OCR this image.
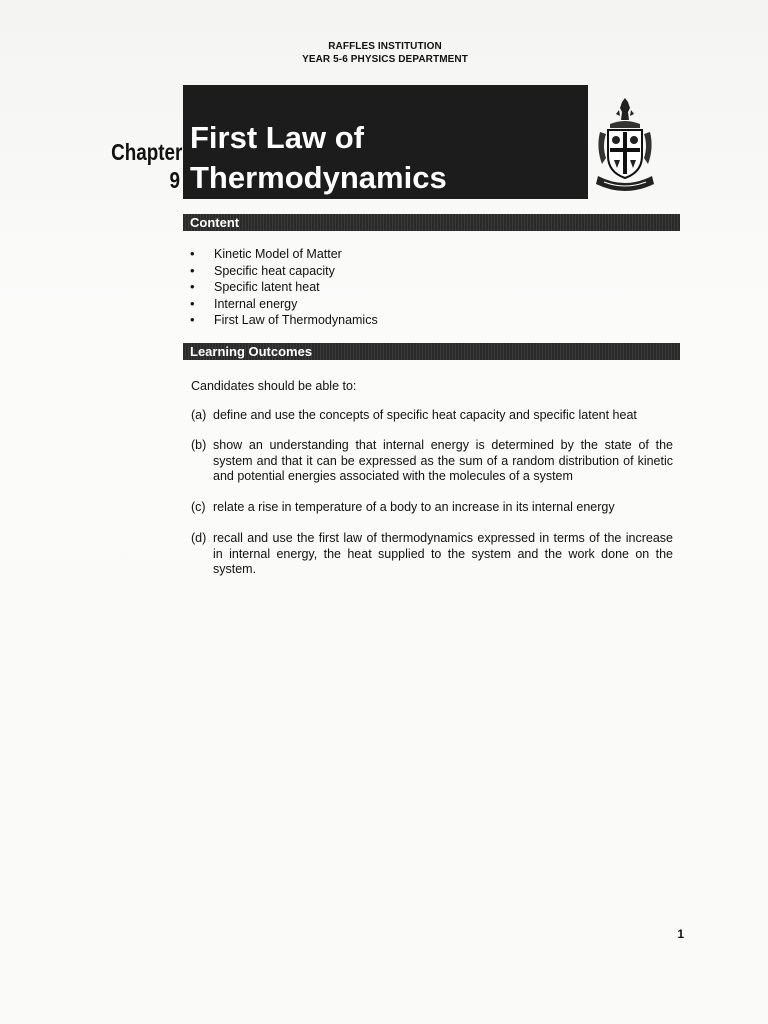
RAFFLES INSTITUTION
YEAR 5-6 PHYSICS DEPARTMENT
Chapter
9
First Law of
Thermodynamics
Content
• Kinetic Model of Matter
• Specific heat capacity
• Specific latent heat
• Internal energy
• First Law of Thermodynamics
Learning Outcomes
Candidates should be able to:
(a) define and use the concepts of specific heat capacity and specific latent heat
(b) show an understanding that internal energy is determined by the state of the system and that it can be expressed as the sum of a random distribution of kinetic and potential energies associated with the molecules of a system
(c) relate a rise in temperature of a body to an increase in its internal energy
(d) recall and use the first law of thermodynamics expressed in terms of the increase in internal energy, the heat supplied to the system and the work done on the system.
1
